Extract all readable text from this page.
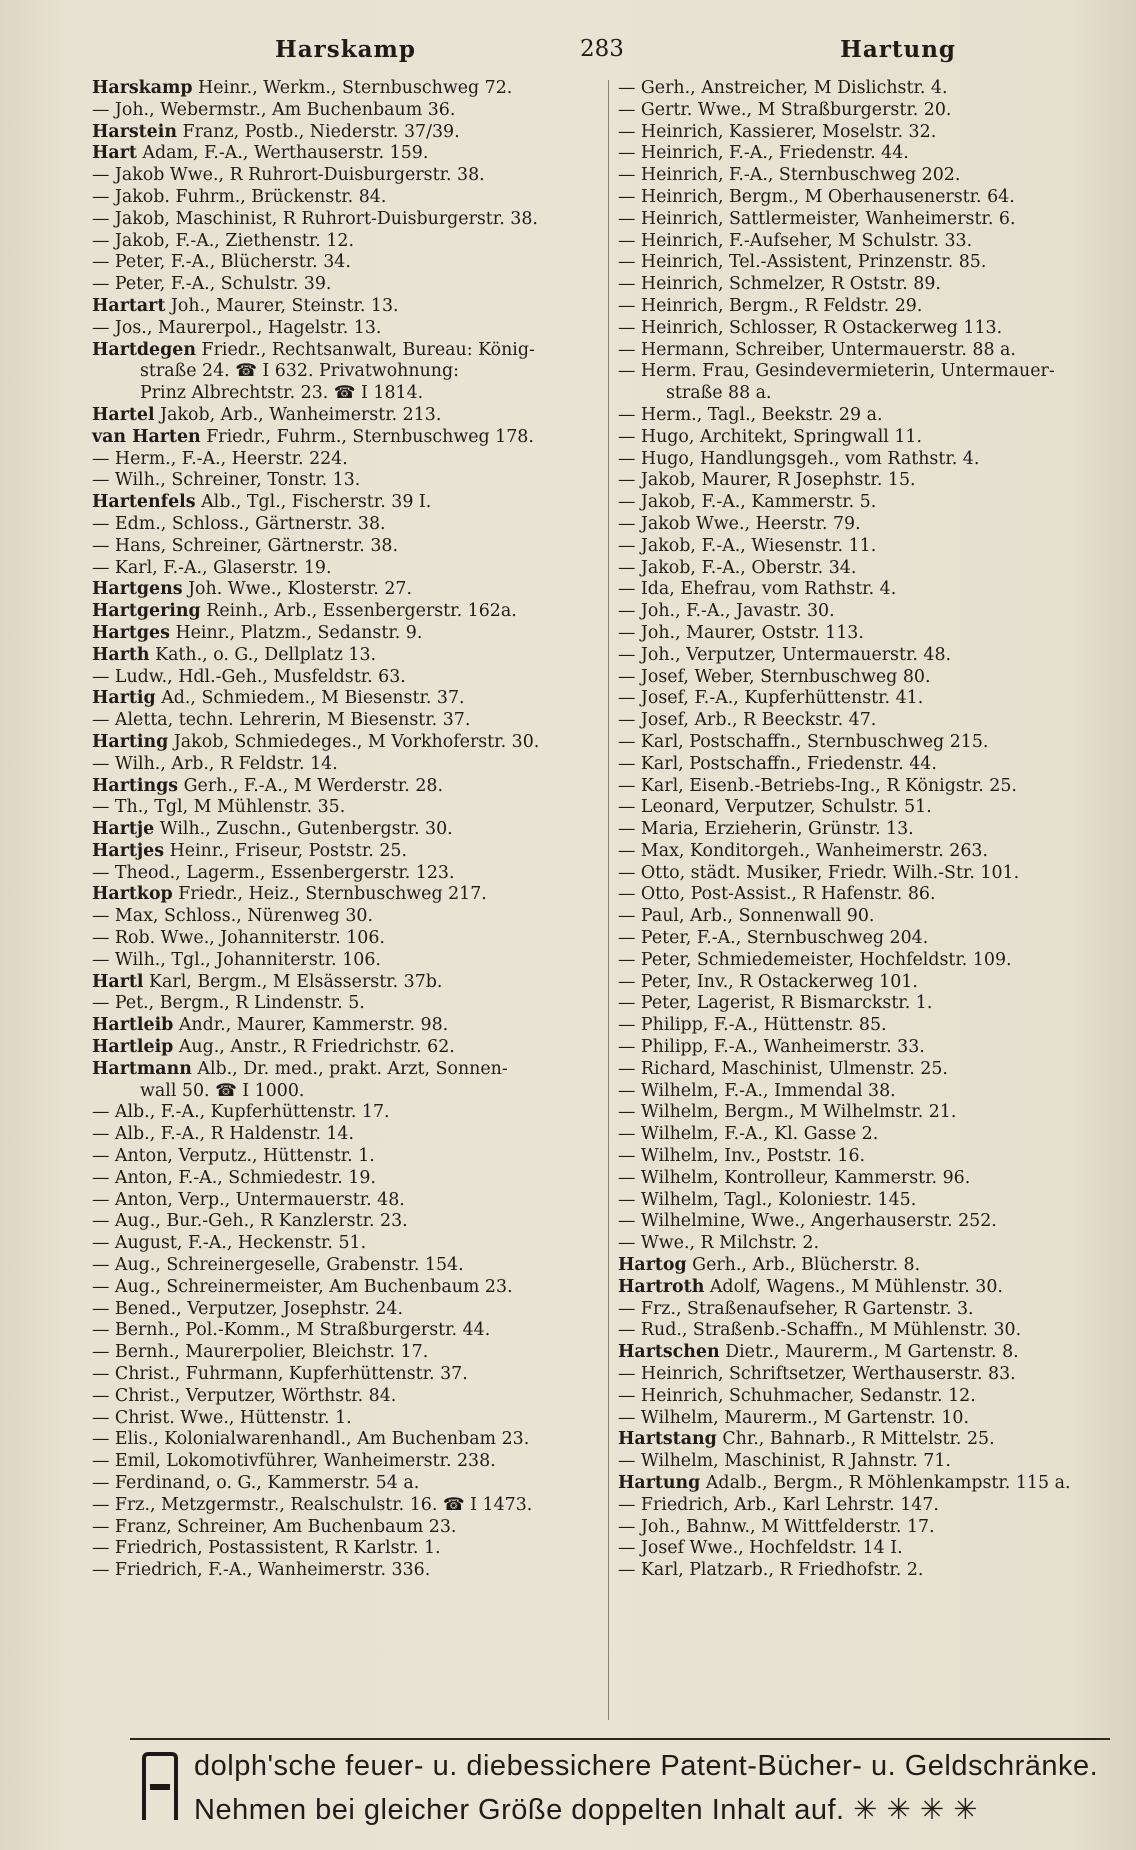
Harskamp	283	Hartung
Harskamp Heinr., Werkm., Sternbuschweg 72.
— Joh., Webermstr., Am Buchenbaum 36.
Harstein Franz, Postb., Niederstr. 37/39.
Hart Adam, F.-A., Werthauserstr. 159.
— Jakob Wwe., R Ruhrort-Duisburgerstr. 38.
— Jakob. Fuhrm., Brückenstr. 84.
— Jakob, Maschinist, R Ruhrort-Duisburgerstr. 38.
— Jakob, F.-A., Ziethenstr. 12.
— Peter, F.-A., Blücherstr. 34.
— Peter, F.-A., Schulstr. 39.
Hartart Joh., Maurer, Steinstr. 13.
— Jos., Maurerpol., Hagelstr. 13.
Hartdegen Friedr., Rechtsanwalt, Bureau: König-
straße 24. ☎ I 632. Privatwohnung:
Prinz Albrechtstr. 23. ☎ I 1814.
Hartel Jakob, Arb., Wanheimerstr. 213.
van Harten Friedr., Fuhrm., Sternbuschweg 178.
— Herm., F.-A., Heerstr. 224.
— Wilh., Schreiner, Tonstr. 13.
Hartenfels Alb., Tgl., Fischerstr. 39 I.
— Edm., Schloss., Gärtnerstr. 38.
— Hans, Schreiner, Gärtnerstr. 38.
— Karl, F.-A., Glaserstr. 19.
Hartgens Joh. Wwe., Klosterstr. 27.
Hartgering Reinh., Arb., Essenbergerstr. 162a.
Hartges Heinr., Platzm., Sedanstr. 9.
Harth Kath., o. G., Dellplatz 13.
— Ludw., Hdl.-Geh., Musfeldstr. 63.
Hartig Ad., Schmiedem., M Biesenstr. 37.
— Aletta, techn. Lehrerin, M Biesenstr. 37.
Harting Jakob, Schmiedeges., M Vorkhoferstr. 30.
— Wilh., Arb., R Feldstr. 14.
Hartings Gerh., F.-A., M Werderstr. 28.
— Th., Tgl, M Mühlenstr. 35.
Hartje Wilh., Zuschn., Gutenbergstr. 30.
Hartjes Heinr., Friseur, Poststr. 25.
— Theod., Lagerm., Essenbergerstr. 123.
Hartkop Friedr., Heiz., Sternbuschweg 217.
— Max, Schloss., Nürenweg 30.
— Rob. Wwe., Johanniterstr. 106.
— Wilh., Tgl., Johanniterstr. 106.
Hartl Karl, Bergm., M Elsässerstr. 37b.
— Pet., Bergm., R Lindenstr. 5.
Hartleib Andr., Maurer, Kammerstr. 98.
Hartleip Aug., Anstr., R Friedrichstr. 62.
Hartmann Alb., Dr. med., prakt. Arzt, Sonnen-
wall 50. ☎ I 1000.
— Alb., F.-A., Kupferhüttenstr. 17.
— Alb., F.-A., R Haldenstr. 14.
— Anton, Verputz., Hüttenstr. 1.
— Anton, F.-A., Schmiedestr. 19.
— Anton, Verp., Untermauerstr. 48.
— Aug., Bur.-Geh., R Kanzlerstr. 23.
— August, F.-A., Heckenstr. 51.
— Aug., Schreinergeselle, Grabenstr. 154.
— Aug., Schreinermeister, Am Buchenbaum 23.
— Bened., Verputzer, Josephstr. 24.
— Bernh., Pol.-Komm., M Straßburgerstr. 44.
— Bernh., Maurerpolier, Bleichstr. 17.
— Christ., Fuhrmann, Kupferhüttenstr. 37.
— Christ., Verputzer, Wörthstr. 84.
— Christ. Wwe., Hüttenstr. 1.
— Elis., Kolonialwarenhandl., Am Buchenbam 23.
— Emil, Lokomotivführer, Wanheimerstr. 238.
— Ferdinand, o. G., Kammerstr. 54 a.
— Frz., Metzgermstr., Realschulstr. 16. ☎ I 1473.
— Franz, Schreiner, Am Buchenbaum 23.
— Friedrich, Postassistent, R Karlstr. 1.
— Friedrich, F.-A., Wanheimerstr. 336.
— Gerh., Anstreicher, M Dislichstr. 4.
— Gertr. Wwe., M Straßburgerstr. 20.
— Heinrich, Kassierer, Moselstr. 32.
— Heinrich, F.-A., Friedenstr. 44.
— Heinrich, F.-A., Sternbuschweg 202.
— Heinrich, Bergm., M Oberhausenerstr. 64.
— Heinrich, Sattlermeister, Wanheimerstr. 6.
— Heinrich, F.-Aufseher, M Schulstr. 33.
— Heinrich, Tel.-Assistent, Prinzenstr. 85.
— Heinrich, Schmelzer, R Oststr. 89.
— Heinrich, Bergm., R Feldstr. 29.
— Heinrich, Schlosser, R Ostackerweg 113.
— Hermann, Schreiber, Untermauerstr. 88 a.
— Herm. Frau, Gesindevermieterin, Untermauer-
straße 88 a.
— Herm., Tagl., Beekstr. 29 a.
— Hugo, Architekt, Springwall 11.
— Hugo, Handlungsgeh., vom Rathstr. 4.
— Jakob, Maurer, R Josephstr. 15.
— Jakob, F.-A., Kammerstr. 5.
— Jakob Wwe., Heerstr. 79.
— Jakob, F.-A., Wiesenstr. 11.
— Jakob, F.-A., Oberstr. 34.
— Ida, Ehefrau, vom Rathstr. 4.
— Joh., F.-A., Javastr. 30.
— Joh., Maurer, Oststr. 113.
— Joh., Verputzer, Untermauerstr. 48.
— Josef, Weber, Sternbuschweg 80.
— Josef, F.-A., Kupferhüttenstr. 41.
— Josef, Arb., R Beeckstr. 47.
— Karl, Postschaffn., Sternbuschweg 215.
— Karl, Postschaffn., Friedenstr. 44.
— Karl, Eisenb.-Betriebs-Ing., R Königstr. 25.
— Leonard, Verputzer, Schulstr. 51.
— Maria, Erzieherin, Grünstr. 13.
— Max, Konditorgeh., Wanheimerstr. 263.
— Otto, städt. Musiker, Friedr. Wilh.-Str. 101.
— Otto, Post-Assist., R Hafenstr. 86.
— Paul, Arb., Sonnenwall 90.
— Peter, F.-A., Sternbuschweg 204.
— Peter, Schmiedemeister, Hochfeldstr. 109.
— Peter, Inv., R Ostackerweg 101.
— Peter, Lagerist, R Bismarckstr. 1.
— Philipp, F.-A., Hüttenstr. 85.
— Philipp, F.-A., Wanheimerstr. 33.
— Richard, Maschinist, Ulmenstr. 25.
— Wilhelm, F.-A., Immendal 38.
— Wilhelm, Bergm., M Wilhelmstr. 21.
— Wilhelm, F.-A., Kl. Gasse 2.
— Wilhelm, Inv., Poststr. 16.
— Wilhelm, Kontrolleur, Kammerstr. 96.
— Wilhelm, Tagl., Koloniestr. 145.
— Wilhelmine, Wwe., Angerhauserstr. 252.
— Wwe., R Milchstr. 2.
Hartog Gerh., Arb., Blücherstr. 8.
Hartroth Adolf, Wagens., M Mühlenstr. 30.
— Frz., Straßenaufseher, R Gartenstr. 3.
— Rud., Straßenb.-Schaffn., M Mühlenstr. 30.
Hartschen Dietr., Maurerm., M Gartenstr. 8.
— Heinrich, Schriftsetzer, Werthauserstr. 83.
— Heinrich, Schuhmacher, Sedanstr. 12.
— Wilhelm, Maurerm., M Gartenstr. 10.
Hartstang Chr., Bahnarb., R Mittelstr. 25.
— Wilhelm, Maschinist, R Jahnstr. 71.
Hartung Adalb., Bergm., R Möhlenkampstr. 115 a.
— Friedrich, Arb., Karl Lehrstr. 147.
— Joh., Bahnw., M Wittfelderstr. 17.
— Josef Wwe., Hochfeldstr. 14 I.
— Karl, Platzarb., R Friedhofstr. 2.
dolph'sche feuer- u. diebessichere Patent-Bücher- u. Geldschränke.
Nehmen bei gleicher Größe doppelten Inhalt auf. ✳ ✳ ✳ ✳
